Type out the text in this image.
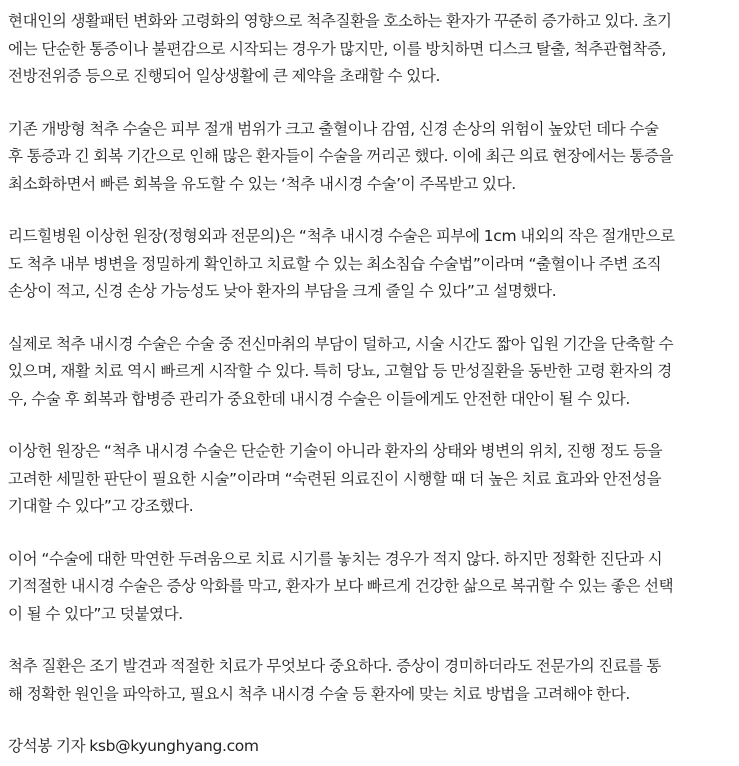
현대인의 생활패턴 변화와 고령화의 영향으로 척추질환을 호소하는 환자가 꾸준히 증가하고 있다. 초기
에는 단순한 통증이나 불편감으로 시작되는 경우가 많지만, 이를 방치하면 디스크 탈출, 척추관협착증,
전방전위증 등으로 진행되어 일상생활에 큰 제약을 초래할 수 있다.
기존 개방형 척추 수술은 피부 절개 범위가 크고 출혈이나 감염, 신경 손상의 위험이 높았던 데다 수술
후 통증과 긴 회복 기간으로 인해 많은 환자들이 수술을 꺼리곤 했다. 이에 최근 의료 현장에서는 통증을
최소화하면서 빠른 회복을 유도할 수 있는 ‘척추 내시경 수술’이 주목받고 있다.
리드힐병원 이상헌 원장(정형외과 전문의)은 “척추 내시경 수술은 피부에 1cm 내외의 작은 절개만으로
도 척추 내부 병변을 정밀하게 확인하고 치료할 수 있는 최소침습 수술법”이라며 “출혈이나 주변 조직
손상이 적고, 신경 손상 가능성도 낮아 환자의 부담을 크게 줄일 수 있다”고 설명했다.
실제로 척추 내시경 수술은 수술 중 전신마취의 부담이 덜하고, 시술 시간도 짧아 입원 기간을 단축할 수
있으며, 재활 치료 역시 빠르게 시작할 수 있다. 특히 당뇨, 고혈압 등 만성질환을 동반한 고령 환자의 경
우, 수술 후 회복과 합병증 관리가 중요한데 내시경 수술은 이들에게도 안전한 대안이 될 수 있다.
이상헌 원장은 “척추 내시경 수술은 단순한 기술이 아니라 환자의 상태와 병변의 위치, 진행 정도 등을
고려한 세밀한 판단이 필요한 시술”이라며 “숙련된 의료진이 시행할 때 더 높은 치료 효과와 안전성을
기대할 수 있다”고 강조했다.
이어 “수술에 대한 막연한 두려움으로 치료 시기를 놓치는 경우가 적지 않다. 하지만 정확한 진단과 시
기적절한 내시경 수술은 증상 악화를 막고, 환자가 보다 빠르게 건강한 삶으로 복귀할 수 있는 좋은 선택
이 될 수 있다”고 덧붙였다.
척추 질환은 조기 발견과 적절한 치료가 무엇보다 중요하다. 증상이 경미하더라도 전문가의 진료를 통
해 정확한 원인을 파악하고, 필요시 척추 내시경 수술 등 환자에 맞는 치료 방법을 고려해야 한다.
강석봉 기자 ksb@kyunghyang.com
